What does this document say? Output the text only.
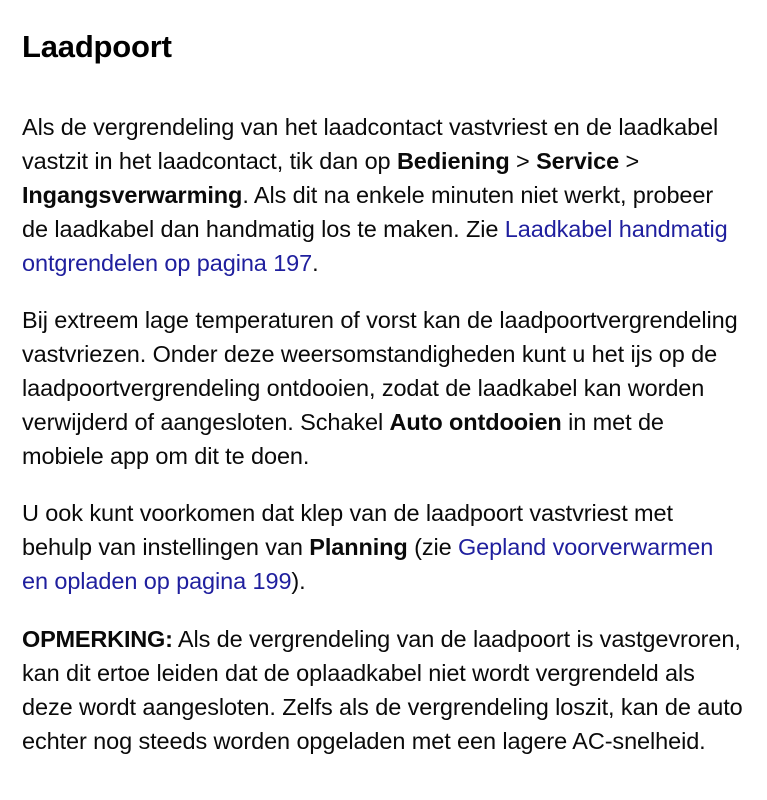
Laadpoort

Als de vergrendeling van het laadcontact vastvriest en de laadkabel vastzit in het laadcontact, tik dan op Bediening > Service > Ingangsverwarming. Als dit na enkele minuten niet werkt, probeer de laadkabel dan handmatig los te maken. Zie Laadkabel handmatig ontgrendelen op pagina 197.

Bij extreem lage temperaturen of vorst kan de laadpoortvergrendeling vastvriezen. Onder deze weersomstandigheden kunt u het ijs op de laadpoortvergrendeling ontdooien, zodat de laadkabel kan worden verwijderd of aangesloten. Schakel Auto ontdooien in met de mobiele app om dit te doen.

U ook kunt voorkomen dat klep van de laadpoort vastvriest met behulp van instellingen van Planning (zie Gepland voorverwarmen en opladen op pagina 199).

OPMERKING: Als de vergrendeling van de laadpoort is vastgevroren, kan dit ertoe leiden dat de oplaadkabel niet wordt vergrendeld als deze wordt aangesloten. Zelfs als de vergrendeling loszit, kan de auto echter nog steeds worden opgeladen met een lagere AC-snelheid.
